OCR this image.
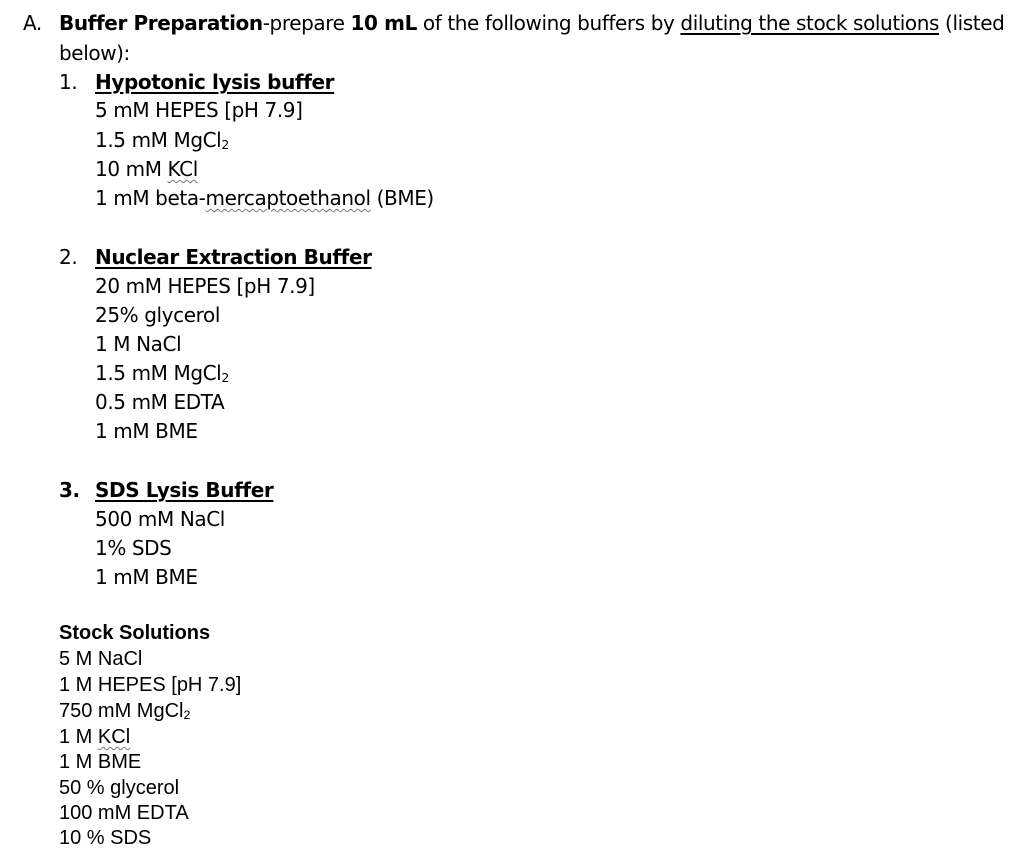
A. Buffer Preparation-prepare 10 mL of the following buffers by diluting the stock solutions (listed
below):
1. Hypotonic lysis buffer
5 mM HEPES [pH 7.9]
1.5 mM MgCl$_2$
10 mM KCl
1 mM beta-mercaptoethanol (BME)
2. Nuclear Extraction Buffer
20 mM HEPES [pH 7.9]
25% glycerol
1 M NaCl
1.5 mM MgCl$_2$
0.5 mM EDTA
1 mM BME
3. SDS Lysis Buffer
500 mM NaCl
1% SDS
1 mM BME
Stock Solutions
5 M NaCl
1 M HEPES [pH 7.9]
750 mM MgCl$_2$
1 M KCl
1 M BME
50 % glycerol
100 mM EDTA
10 % SDS
